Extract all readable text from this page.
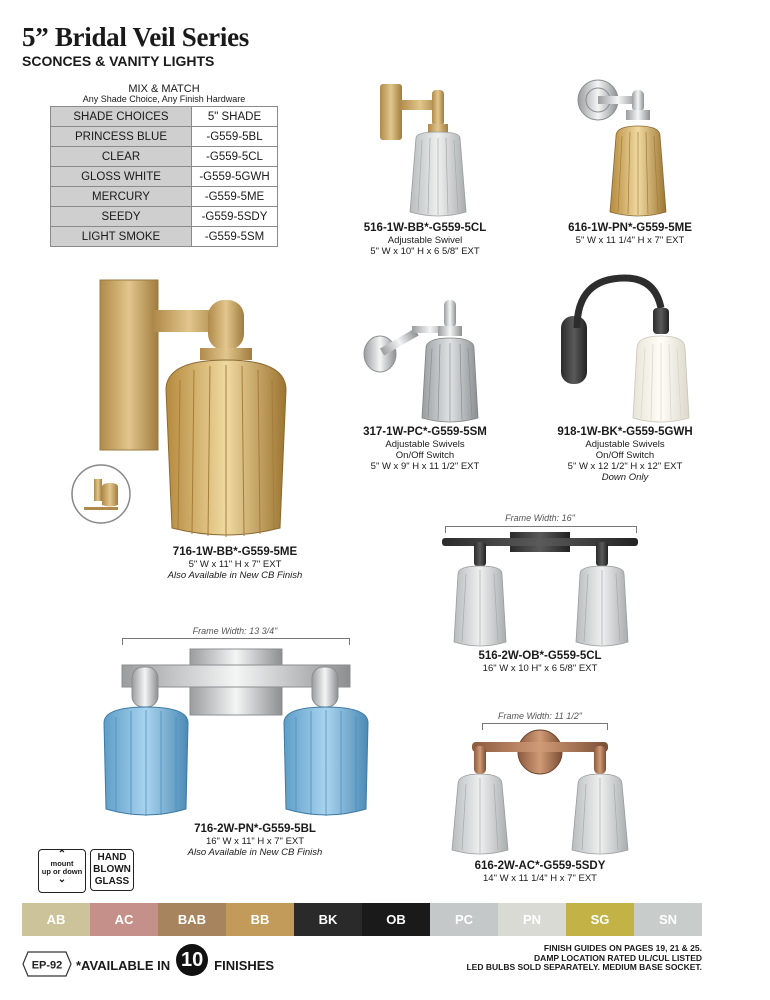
5” Bridal Veil Series
SCONCES & VANITY LIGHTS
MIX & MATCH
Any Shade Choice, Any Finish Hardware
SHADE CHOICES	5" SHADE
PRINCESS BLUE	-G559-5BL
CLEAR	-G559-5CL
GLOSS WHITE	-G559-5GWH
MERCURY	-G559-5ME
SEEDY	-G559-5SDY
LIGHT SMOKE	-G559-5SM
516-1W-BB*-G559-5CL
Adjustable Swivel
5" W x 10" H x 6 5/8" EXT
616-1W-PN*-G559-5ME
5" W x 11 1/4" H x 7" EXT
716-1W-BB*-G559-5ME
5" W x 11" H x 7" EXT
Also Available in New CB Finish
317-1W-PC*-G559-5SM
Adjustable Swivels
On/Off Switch
5" W x 9" H x 11 1/2" EXT
918-1W-BK*-G559-5GWH
Adjustable Swivels
On/Off Switch
5" W x 12 1/2" H x 12" EXT
Down Only
Frame Width: 16"
516-2W-OB*-G559-5CL
16" W x 10 H" x 6 5/8" EXT
Frame Width: 13 3/4"
716-2W-PN*-G559-5BL
16" W x 11" H x 7" EXT
Also Available in New CB Finish
Frame Width: 11 1/2"
616-2W-AC*-G559-5SDY
14" W x 11 1/4" H x 7" EXT
⌃
mount
up or down
⌄
HAND
BLOWN
GLASS
AB	AC	BAB	BB	BK	OB	PC	PN	SG	SN
EP-92 *AVAILABLE IN 10 FINISHES
FINISH GUIDES ON PAGES 19, 21 & 25.
DAMP LOCATION RATED UL/CUL LISTED
LED BULBS SOLD SEPARATELY. MEDIUM BASE SOCKET.
